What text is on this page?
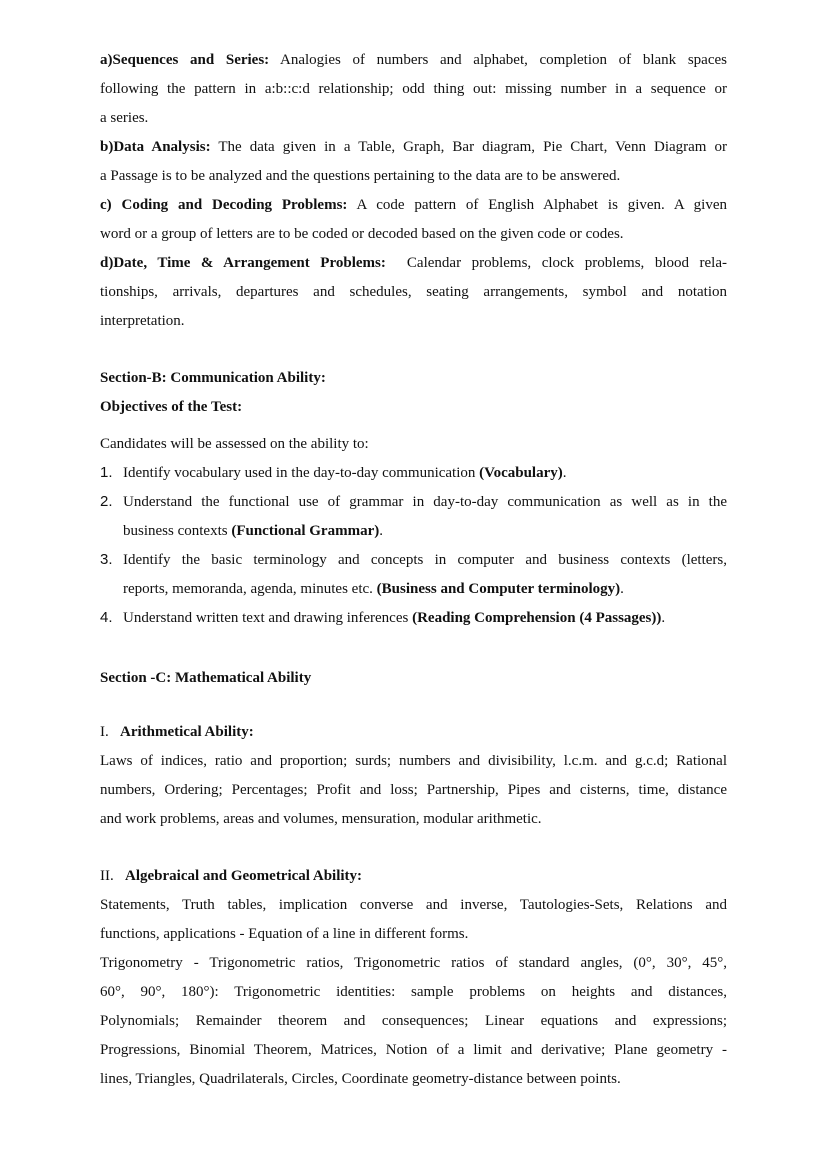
a)Sequences and Series: Analogies of numbers and alphabet, completion of blank spaces
following the pattern in a:b::c:d relationship; odd thing out: missing number in a sequence or
a series.
b)Data Analysis: The data given in a Table, Graph, Bar diagram, Pie Chart, Venn Diagram or
a Passage is to be analyzed and the questions pertaining to the data are to be answered.
c) Coding and Decoding Problems: A code pattern of English Alphabet is given. A given
word or a group of letters are to be coded or decoded based on the given code or codes.
d)Date, Time & Arrangement Problems: Calendar problems, clock problems, blood rela-
tionships, arrivals, departures and schedules, seating arrangements, symbol and notation
interpretation.
Section-B: Communication Ability:
Objectives of the Test:
Candidates will be assessed on the ability to:
1. Identify vocabulary used in the day-to-day communication (Vocabulary).
2. Understand the functional use of grammar in day-to-day communication as well as in the
business contexts (Functional Grammar).
3. Identify the basic terminology and concepts in computer and business contexts (letters,
reports, memoranda, agenda, minutes etc. (Business and Computer terminology).
4. Understand written text and drawing inferences (Reading Comprehension (4 Passages)).
Section -C: Mathematical Ability
I. Arithmetical Ability:
Laws of indices, ratio and proportion; surds; numbers and divisibility, l.c.m. and g.c.d; Rational
numbers, Ordering; Percentages; Profit and loss; Partnership, Pipes and cisterns, time, distance
and work problems, areas and volumes, mensuration, modular arithmetic.
II. Algebraical and Geometrical Ability:
Statements, Truth tables, implication converse and inverse, Tautologies-Sets, Relations and
functions, applications - Equation of a line in different forms.
Trigonometry - Trigonometric ratios, Trigonometric ratios of standard angles, (0°, 30°, 45°,
60°, 90°, 180°): Trigonometric identities: sample problems on heights and distances,
Polynomials; Remainder theorem and consequences; Linear equations and expressions;
Progressions, Binomial Theorem, Matrices, Notion of a limit and derivative; Plane geometry -
lines, Triangles, Quadrilaterals, Circles, Coordinate geometry-distance between points.
